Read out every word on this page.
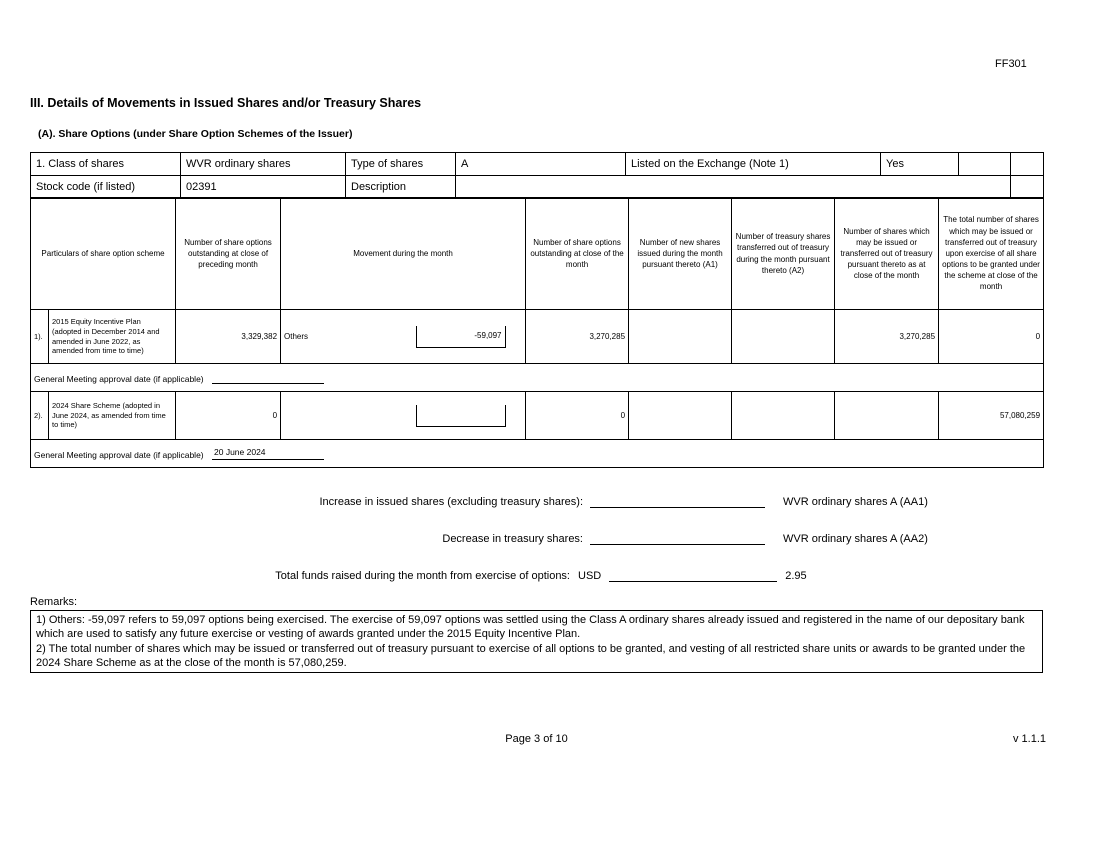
FF301
III. Details of Movements in Issued Shares and/or Treasury Shares
(A). Share Options (under Share Option Schemes of the Issuer)
1. Class of shares	WVR ordinary shares	Type of shares	A	Listed on the Exchange (Note 1)	Yes		
Stock code (if listed)	02391	Description					
Particulars of share option scheme		Number of share options outstanding at close of preceding month	Movement during the month			Number of share options outstanding at close of the month	Number of new shares issued during the month pursuant thereto (A1)	Number of treasury shares transferred out of treasury during the month pursuant thereto (A2)	Number of shares which may be issued or transferred out of treasury pursuant thereto as at close of the month	The total number of shares which may be issued or transferred out of treasury upon exercise of all share options to be granted under the scheme at close of the month
1).	2015 Equity Incentive Plan (adopted in December 2014 and amended in June 2022, as amended from time to time)	3,329,382	Others	-59,097		3,270,285			3,270,285	0
General Meeting approval date (if applicable)										
2).	2024 Share Scheme (adopted in June 2024, as amended from time to time)	0				0				57,080,259
General Meeting approval date (if applicable) 20 June 2024										
Increase in issued shares (excluding treasury shares):	WVR ordinary shares A (AA1)
Decrease in treasury shares:	WVR ordinary shares A (AA2)
Total funds raised during the month from exercise of options: USD	2.95
Remarks:
1) Others: -59,097 refers to 59,097 options being exercised. The exercise of 59,097 options was settled using the Class A ordinary shares already issued and registered in the name of our depositary bank which are used to satisfy any future exercise or vesting of awards granted under the 2015 Equity Incentive Plan.
2) The total number of shares which may be issued or transferred out of treasury pursuant to exercise of all options to be granted, and vesting of all restricted share units or awards to be granted under the 2024 Share Scheme as at the close of the month is 57,080,259.
Page 3 of 10	v 1.1.1
